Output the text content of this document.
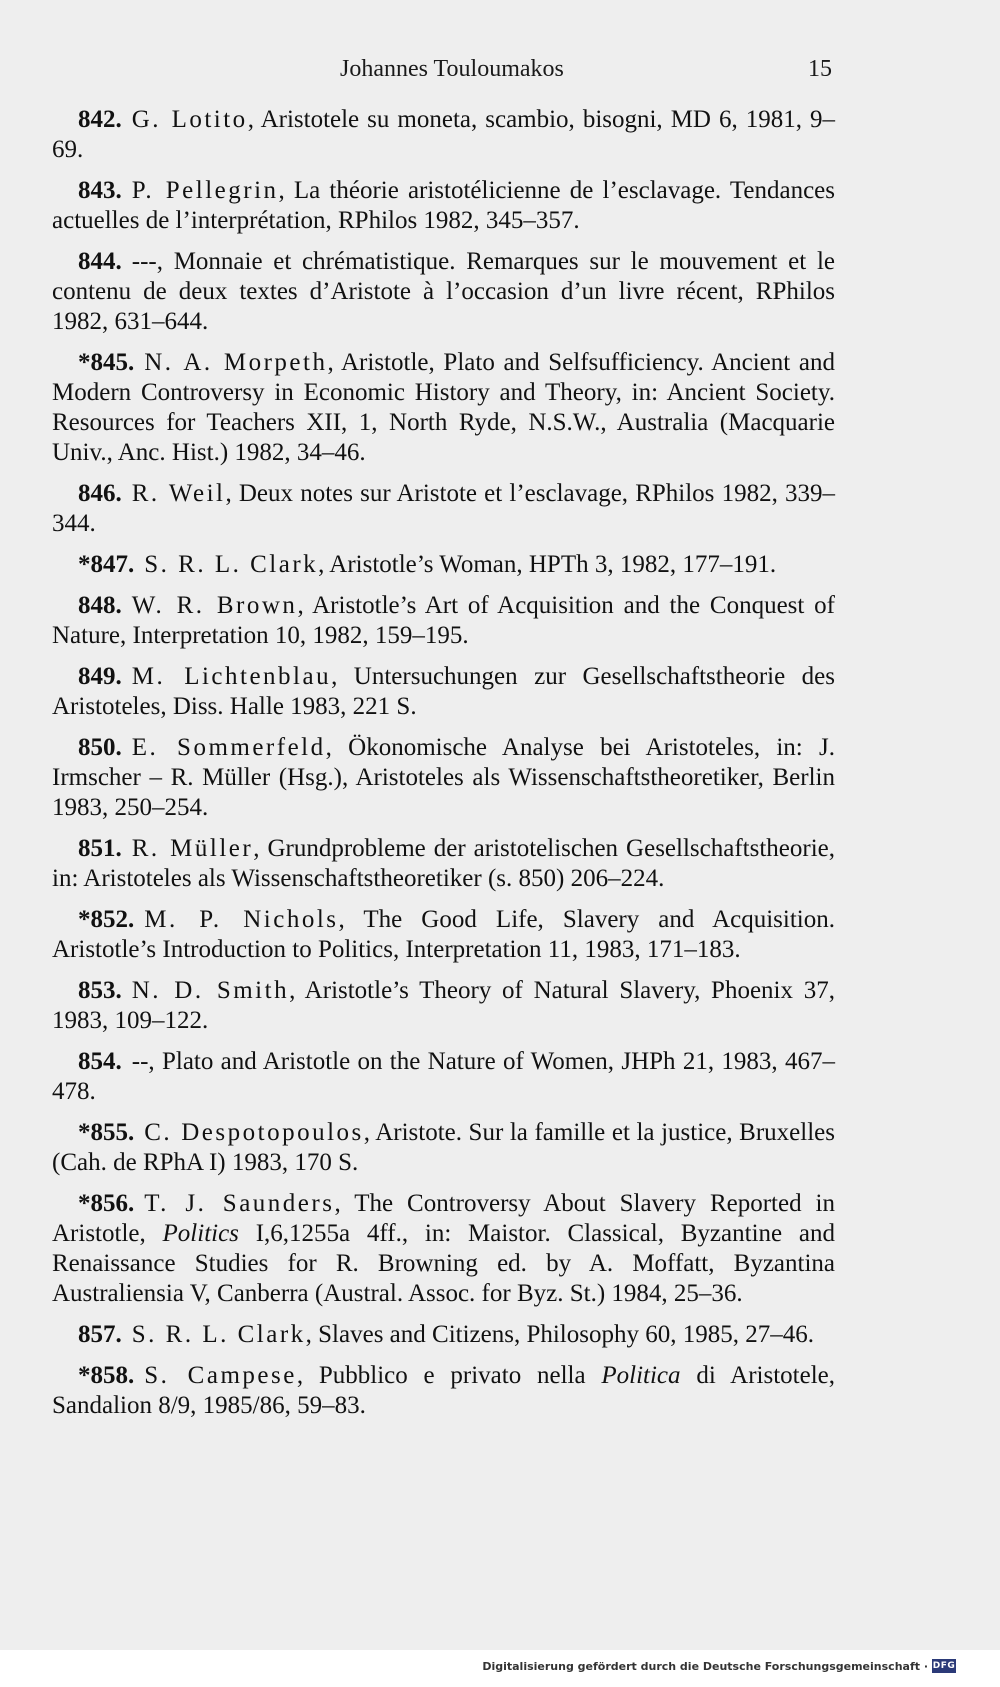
Johannes Touloumakos	15

842. G. Lotito, Aristotele su moneta, scambio, bisogni, MD 6, 1981, 9–69.

843. P. Pellegrin, La théorie aristotélicienne de l’esclavage. Tendances actuelles de l’interprétation, RPhilos 1982, 345–357.

844. ---, Monnaie et chrématistique. Remarques sur le mouvement et le contenu de deux textes d’Aristote à l’occasion d’un livre récent, RPhilos 1982, 631–644.

*845. N. A. Morpeth, Aristotle, Plato and Selfsufficiency. Ancient and Modern Controversy in Economic History and Theory, in: Ancient Society. Resources for Teachers XII, 1, North Ryde, N.S.W., Australia (Macquarie Univ., Anc. Hist.) 1982, 34–46.

846. R. Weil, Deux notes sur Aristote et l’esclavage, RPhilos 1982, 339–344.

*847. S. R. L. Clark, Aristotle’s Woman, HPTh 3, 1982, 177–191.

848. W. R. Brown, Aristotle’s Art of Acquisition and the Conquest of Nature, Interpretation 10, 1982, 159–195.

849. M. Lichtenblau, Untersuchungen zur Gesellschaftstheorie des Aristoteles, Diss. Halle 1983, 221 S.

850. E. Sommerfeld, Ökonomische Analyse bei Aristoteles, in: J. Irmscher – R. Müller (Hsg.), Aristoteles als Wissenschaftstheoretiker, Berlin 1983, 250–254.

851. R. Müller, Grundprobleme der aristotelischen Gesellschaftstheorie, in: Aristoteles als Wissenschaftstheoretiker (s. 850) 206–224.

*852. M. P. Nichols, The Good Life, Slavery and Acquisition. Aristotle’s Introduction to Politics, Interpretation 11, 1983, 171–183.

853. N. D. Smith, Aristotle’s Theory of Natural Slavery, Phoenix 37, 1983, 109–122.

854. --, Plato and Aristotle on the Nature of Women, JHPh 21, 1983, 467–478.

*855. C. Despotopoulos, Aristote. Sur la famille et la justice, Bruxelles (Cah. de RPhA I) 1983, 170 S.

*856. T. J. Saunders, The Controversy About Slavery Reported in Aristotle, Politics I,6,1255a 4ff., in: Maistor. Classical, Byzantine and Renaissance Studies for R. Browning ed. by A. Moffatt, Byzantina Australiensia V, Canberra (Austral. Assoc. for Byz. St.) 1984, 25–36.

857. S. R. L. Clark, Slaves and Citizens, Philosophy 60, 1985, 27–46.

*858. S. Campese, Pubblico e privato nella Politica di Aristotele, Sandalion 8/9, 1985/86, 59–83.

Digitalisierung gefördert durch die Deutsche Forschungsgemeinschaft · DFG
